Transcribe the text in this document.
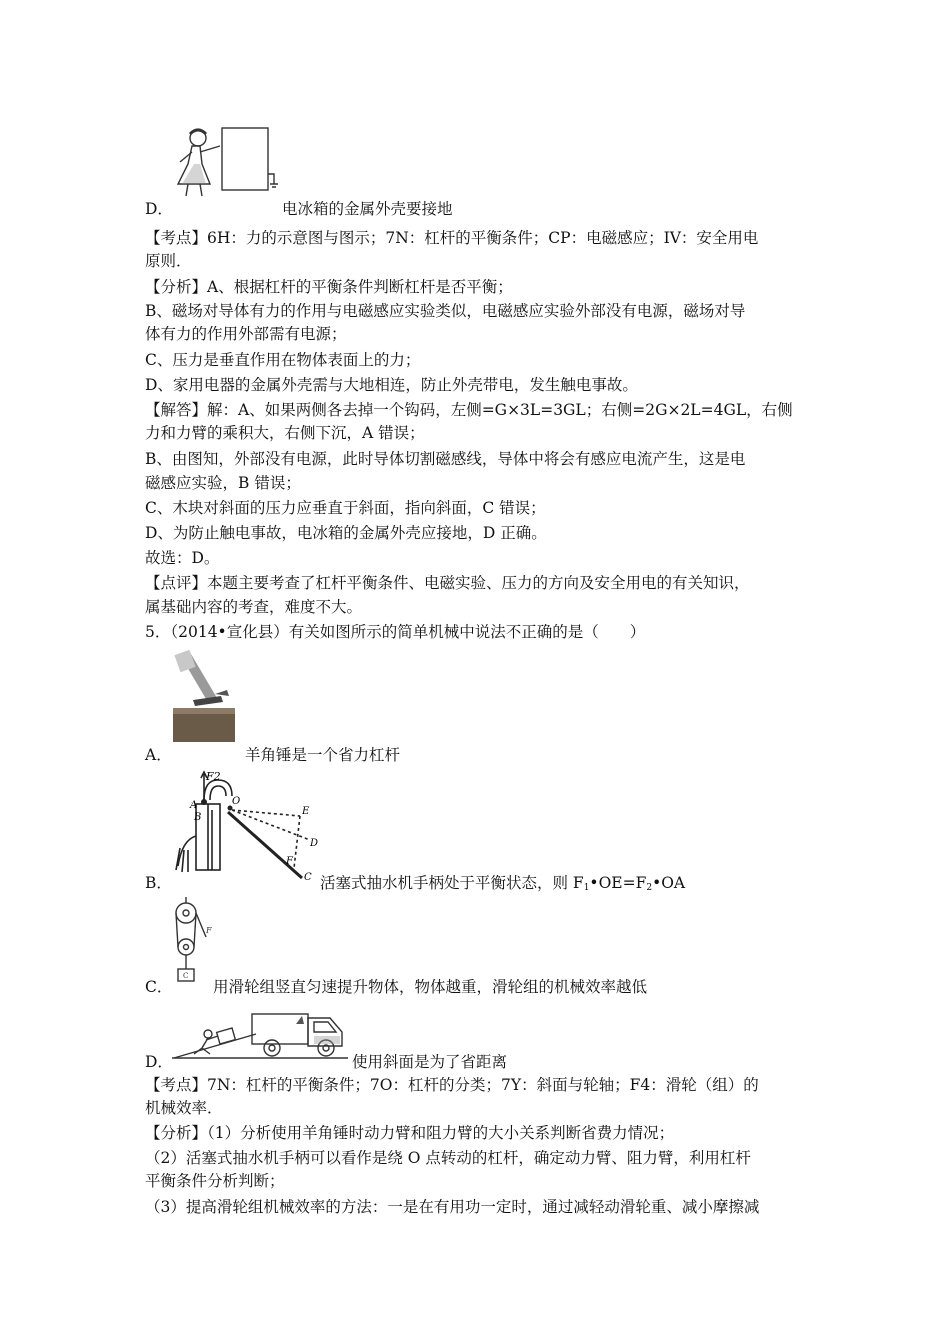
D．	电冰箱的金属外壳要接地
【考点】6H：力的示意图与图示；7N：杠杆的平衡条件；CP：电磁感应；IV：安全用电
原则．
【分析】A、根据杠杆的平衡条件判断杠杆是否平衡；
B、磁场对导体有力的作用与电磁感应实验类似，电磁感应实验外部没有电源，磁场对导
体有力的作用外部需有电源；
C、压力是垂直作用在物体表面上的力；
D、家用电器的金属外壳需与大地相连，防止外壳带电，发生触电事故。
【解答】解：A、如果两侧各去掉一个钩码，左侧=G×3L=3GL；右侧=2G×2L=4GL，右侧
力和力臂的乘积大，右侧下沉，A 错误；
B、由图知，外部没有电源，此时导体切割磁感线，导体中将会有感应电流产生，这是电
磁感应实验，B 错误；
C、木块对斜面的压力应垂直于斜面，指向斜面，C 错误；
D、为防止触电事故，电冰箱的金属外壳应接地，D 正确。
故选：D。
【点评】本题主要考查了杠杆平衡条件、电磁实验、压力的方向及安全用电的有关知识，
属基础内容的考查，难度不大。
5．（2014•宣化县）有关如图所示的简单机械中说法不正确的是（　　）
A．	羊角锤是一个省力杠杆
F2
A
B
O
E
D
F
C
B．	活塞式抽水机手柄处于平衡状态，则 $F_1•OE=F_2•OA$
F
C
C．	用滑轮组竖直匀速提升物体，物体越重，滑轮组的机械效率越低
D．	使用斜面是为了省距离
【考点】7N：杠杆的平衡条件；7O：杠杆的分类；7Y：斜面与轮轴；F4：滑轮（组）的
机械效率．
【分析】（1）分析使用羊角锤时动力臂和阻力臂的大小关系判断省费力情况；
（2）活塞式抽水机手柄可以看作是绕 O 点转动的杠杆，确定动力臂、阻力臂，利用杠杆
平衡条件分析判断；
（3）提高滑轮组机械效率的方法：一是在有用功一定时，通过减轻动滑轮重、减小摩擦减
